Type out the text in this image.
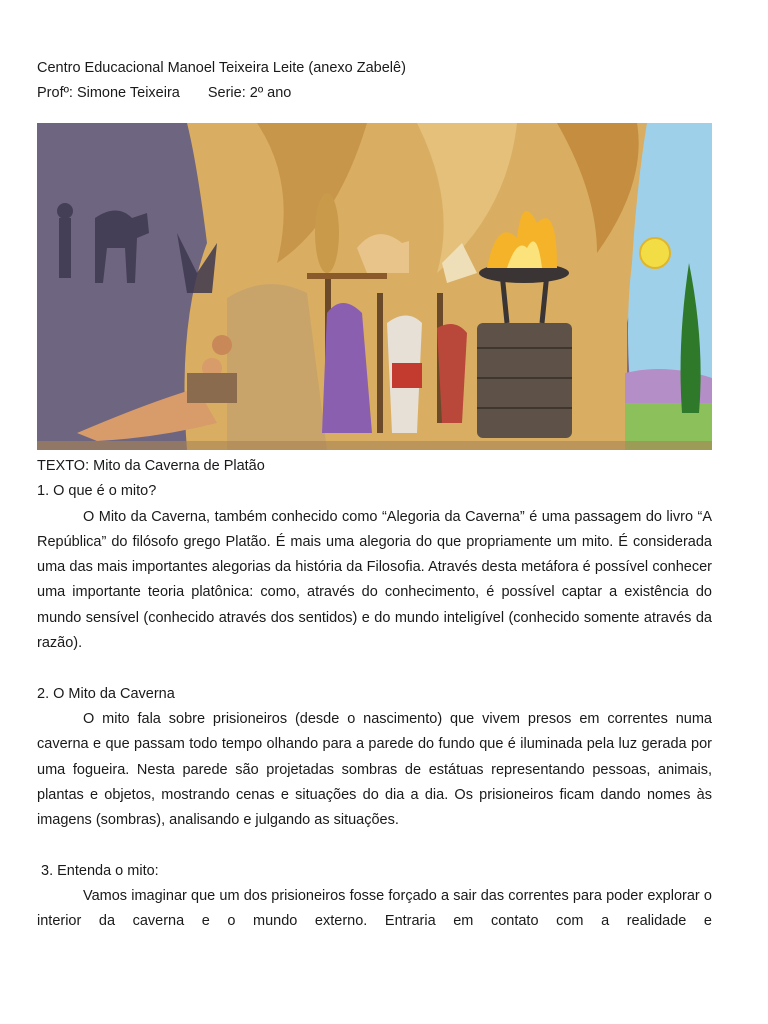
Centro Educacional Manoel Teixeira Leite (anexo Zabelê)

Profº: Simone Teixeira Serie: 2º ano

TEXTO: Mito da Caverna de Platão

1. O que é o mito?

O Mito da Caverna, também conhecido como “Alegoria da Caverna” é uma passagem do livro “A República” do filósofo grego Platão. É mais uma alegoria do que propriamente um mito. É considerada uma das mais importantes alegorias da história da Filosofia. Através desta metáfora é possível conhecer uma importante teoria platônica: como, através do conhecimento, é possível captar a existência do mundo sensível (conhecido através dos sentidos) e do mundo inteligível (conhecido somente através da razão).

2. O Mito da Caverna

O mito fala sobre prisioneiros (desde o nascimento) que vivem presos em correntes numa caverna e que passam todo tempo olhando para a parede do fundo que é iluminada pela luz gerada por uma fogueira. Nesta parede são projetadas sombras de estátuas representando pessoas, animais, plantas e objetos, mostrando cenas e situações do dia a dia. Os prisioneiros ficam dando nomes às imagens (sombras), analisando e julgando as situações.

3. Entenda o mito:

Vamos imaginar que um dos prisioneiros fosse forçado a sair das correntes para poder explorar o interior da caverna e o mundo externo. Entraria em contato com a realidade e
